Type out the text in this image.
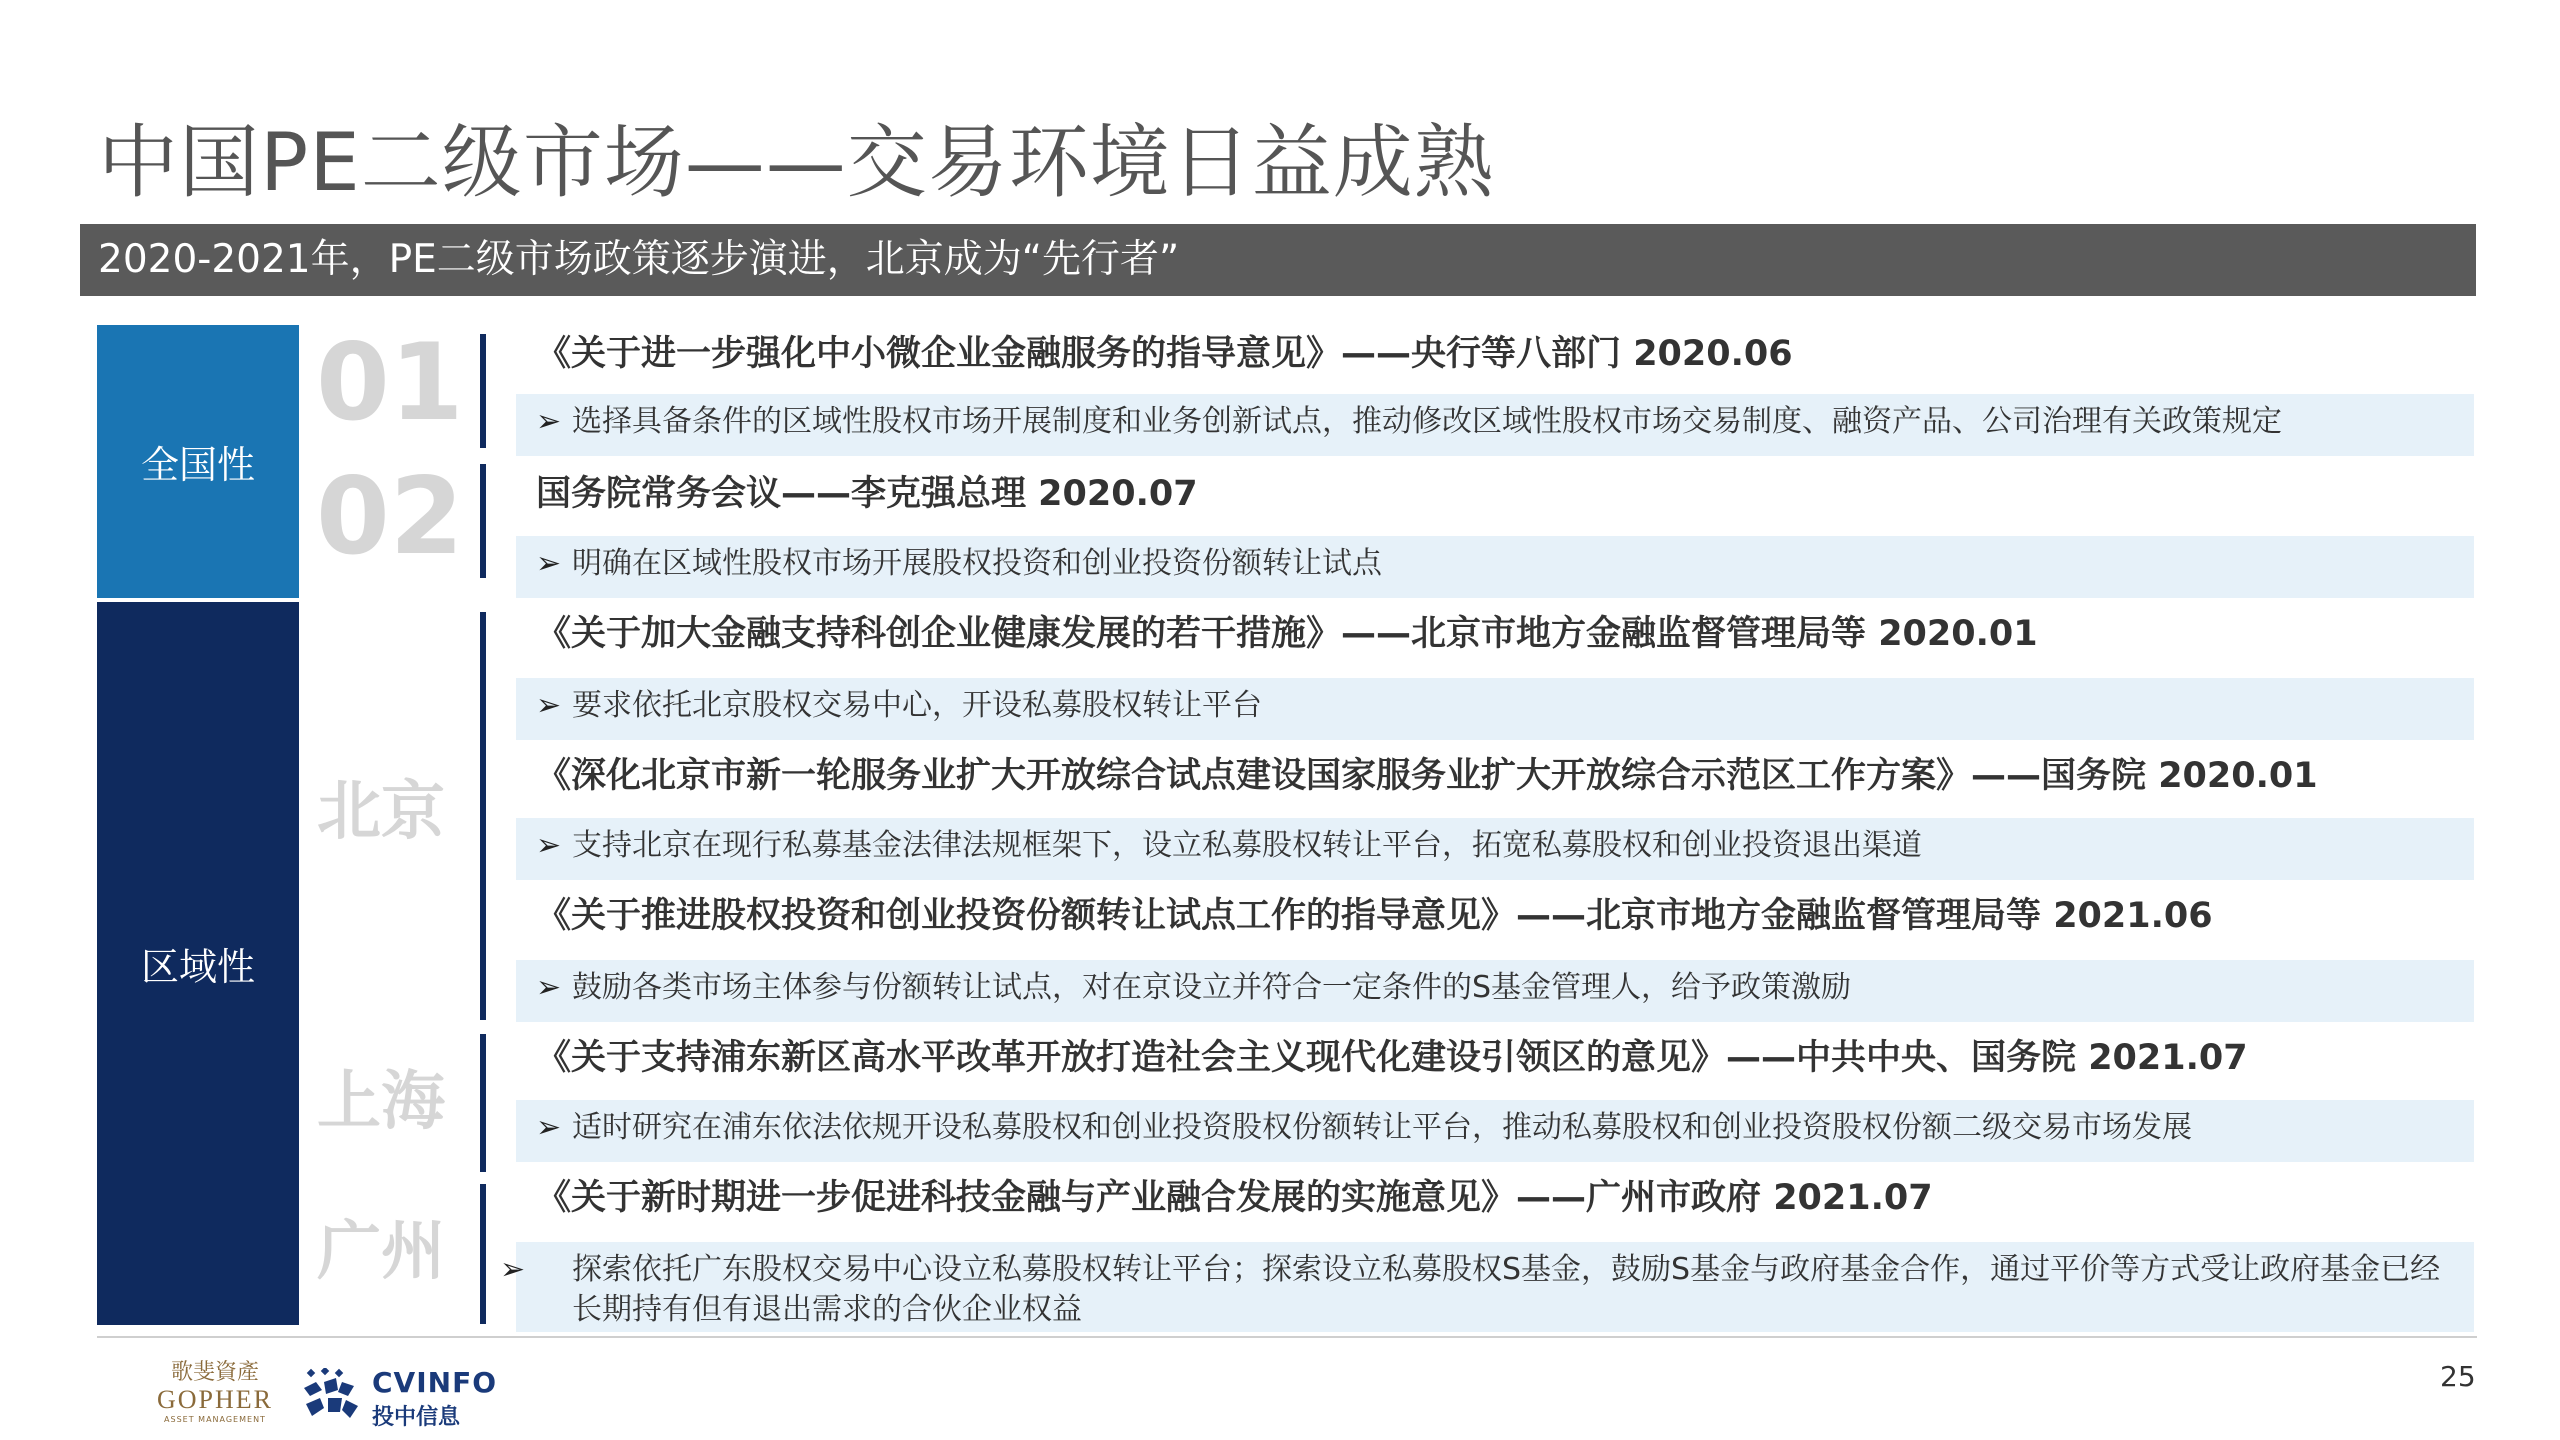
中国PE二级市场——交易环境日益成熟
2020-2021年，PE二级市场政策逐步演进，北京成为“先行者”
全国性
区域性
01
02
北京
上海
广州
《关于进一步强化中小微企业金融服务的指导意见》——央行等八部门 2020.06
➢ 选择具备条件的区域性股权市场开展制度和业务创新试点，推动修改区域性股权市场交易制度、融资产品、公司治理有关政策规定
国务院常务会议——李克强总理 2020.07
➢ 明确在区域性股权市场开展股权投资和创业投资份额转让试点
《关于加大金融支持科创企业健康发展的若干措施》——北京市地方金融监督管理局等 2020.01
➢ 要求依托北京股权交易中心，开设私募股权转让平台
《深化北京市新一轮服务业扩大开放综合试点建设国家服务业扩大开放综合示范区工作方案》——国务院 2020.01
➢ 支持北京在现行私募基金法律法规框架下，设立私募股权转让平台，拓宽私募股权和创业投资退出渠道
《关于推进股权投资和创业投资份额转让试点工作的指导意见》——北京市地方金融监督管理局等 2021.06
➢ 鼓励各类市场主体参与份额转让试点，对在京设立并符合一定条件的S基金管理人，给予政策激励
《关于支持浦东新区高水平改革开放打造社会主义现代化建设引领区的意见》——中共中央、国务院 2021.07
➢ 适时研究在浦东依法依规开设私募股权和创业投资股权份额转让平台，推动私募股权和创业投资股权份额二级交易市场发展
《关于新时期进一步促进科技金融与产业融合发展的实施意见》——广州市政府 2021.07
➢ 探索依托广东股权交易中心设立私募股权转让平台；探索设立私募股权S基金，鼓励S基金与政府基金合作，通过平价等方式受让政府基金已经长期持有但有退出需求的合伙企业权益
歌斐資產
GOPHER
ASSET MANAGEMENT
CVINFO
投中信息
25
